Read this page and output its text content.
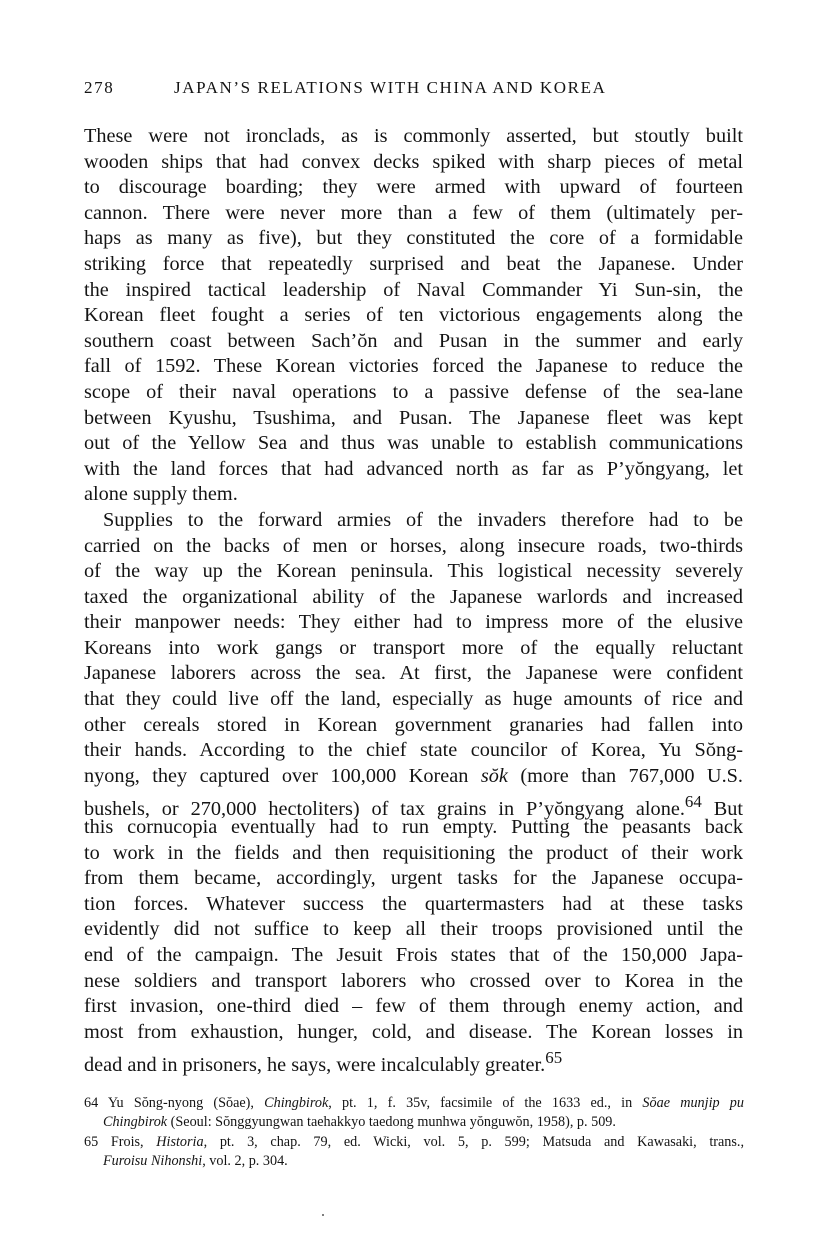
278	JAPAN’S RELATIONS WITH CHINA AND KOREA
These were not ironclads, as is commonly asserted, but stoutly built
wooden ships that had convex decks spiked with sharp pieces of metal
to discourage boarding; they were armed with upward of fourteen
cannon. There were never more than a few of them (ultimately per-
haps as many as five), but they constituted the core of a formidable
striking force that repeatedly surprised and beat the Japanese. Under
the inspired tactical leadership of Naval Commander Yi Sun-sin, the
Korean fleet fought a series of ten victorious engagements along the
southern coast between Sach’ŏn and Pusan in the summer and early
fall of 1592. These Korean victories forced the Japanese to reduce the
scope of their naval operations to a passive defense of the sea-lane
between Kyushu, Tsushima, and Pusan. The Japanese fleet was kept
out of the Yellow Sea and thus was unable to establish communications
with the land forces that had advanced north as far as P’yŏngyang, let
alone supply them.
Supplies to the forward armies of the invaders therefore had to be
carried on the backs of men or horses, along insecure roads, two-thirds
of the way up the Korean peninsula. This logistical necessity severely
taxed the organizational ability of the Japanese warlords and increased
their manpower needs: They either had to impress more of the elusive
Koreans into work gangs or transport more of the equally reluctant
Japanese laborers across the sea. At first, the Japanese were confident
that they could live off the land, especially as huge amounts of rice and
other cereals stored in Korean government granaries had fallen into
their hands. According to the chief state councilor of Korea, Yu Sŏng-
nyong, they captured over 100,000 Korean sŏk (more than 767,000 U.S.
bushels, or 270,000 hectoliters) of tax grains in P’yŏngyang alone.$^{64}$ But
this cornucopia eventually had to run empty. Putting the peasants back
to work in the fields and then requisitioning the product of their work
from them became, accordingly, urgent tasks for the Japanese occupa-
tion forces. Whatever success the quartermasters had at these tasks
evidently did not suffice to keep all their troops provisioned until the
end of the campaign. The Jesuit Frois states that of the 150,000 Japa-
nese soldiers and transport laborers who crossed over to Korea in the
first invasion, one-third died – few of them through enemy action, and
most from exhaustion, hunger, cold, and disease. The Korean losses in
dead and in prisoners, he says, were incalculably greater.$^{65}$
64 Yu Sŏng-nyong (Sŏae), Chingbirok, pt. 1, f. 35v, facsimile of the 1633 ed., in Sŏae munjip pu
Chingbirok (Seoul: Sŏnggyungwan taehakkyo taedong munhwa yŏnguwŏn, 1958), p. 509.
65 Frois, Historia, pt. 3, chap. 79, ed. Wicki, vol. 5, p. 599; Matsuda and Kawasaki, trans.,
Furoisu Nihonshi, vol. 2, p. 304.
